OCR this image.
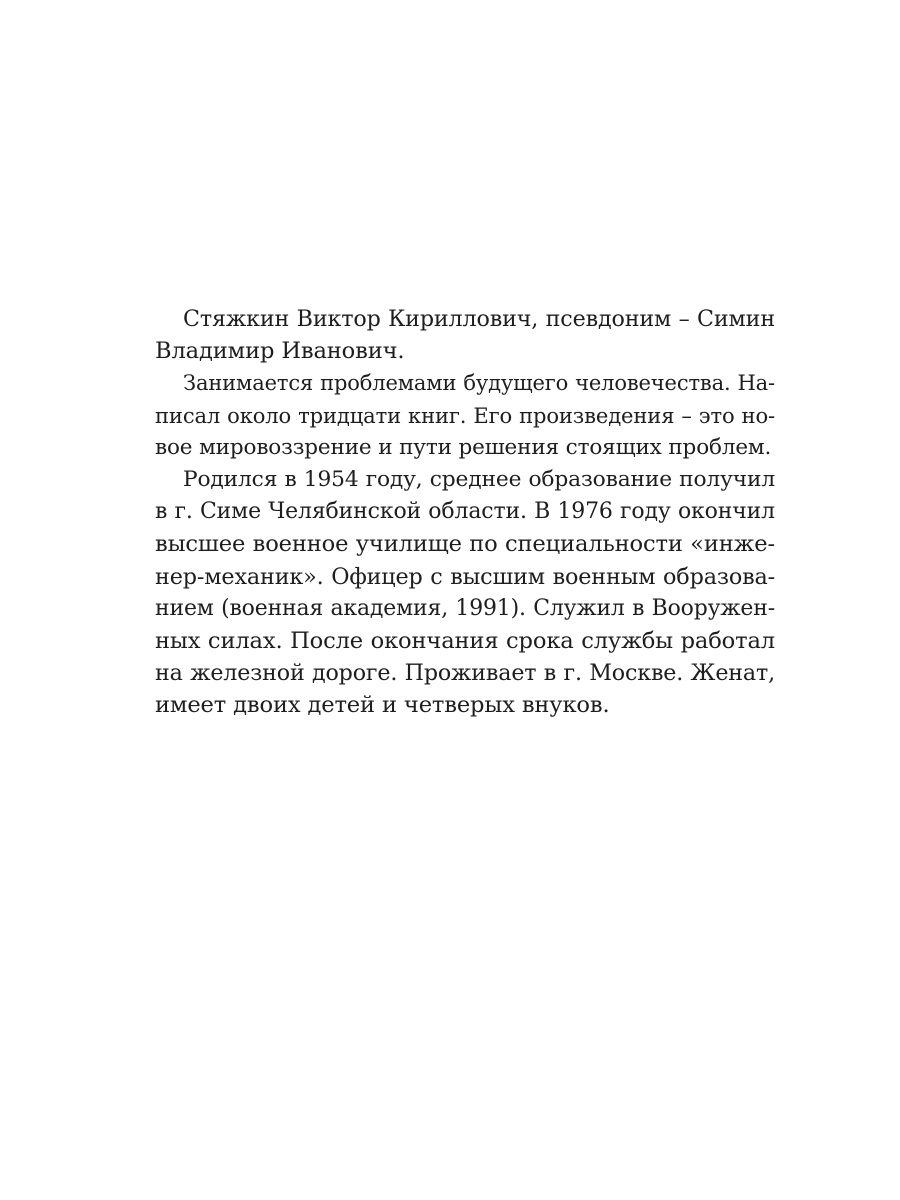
Стяжкин Виктор Кириллович, псевдоним – Симин
Владимир Иванович.
Занимается проблемами будущего человечества. На-
писал около тридцати книг. Его произведения – это но-
вое мировоззрение и пути решения стоящих проблем.
Родился в 1954 году, среднее образование получил
в г. Симе Челябинской области. В 1976 году окончил
высшее военное училище по специальности «инже-
нер-механик». Офицер с высшим военным образова-
нием (военная академия, 1991). Служил в Вооружен-
ных силах. После окончания срока службы работал
на железной дороге. Проживает в г. Москве. Женат,
имеет двоих детей и четверых внуков.
